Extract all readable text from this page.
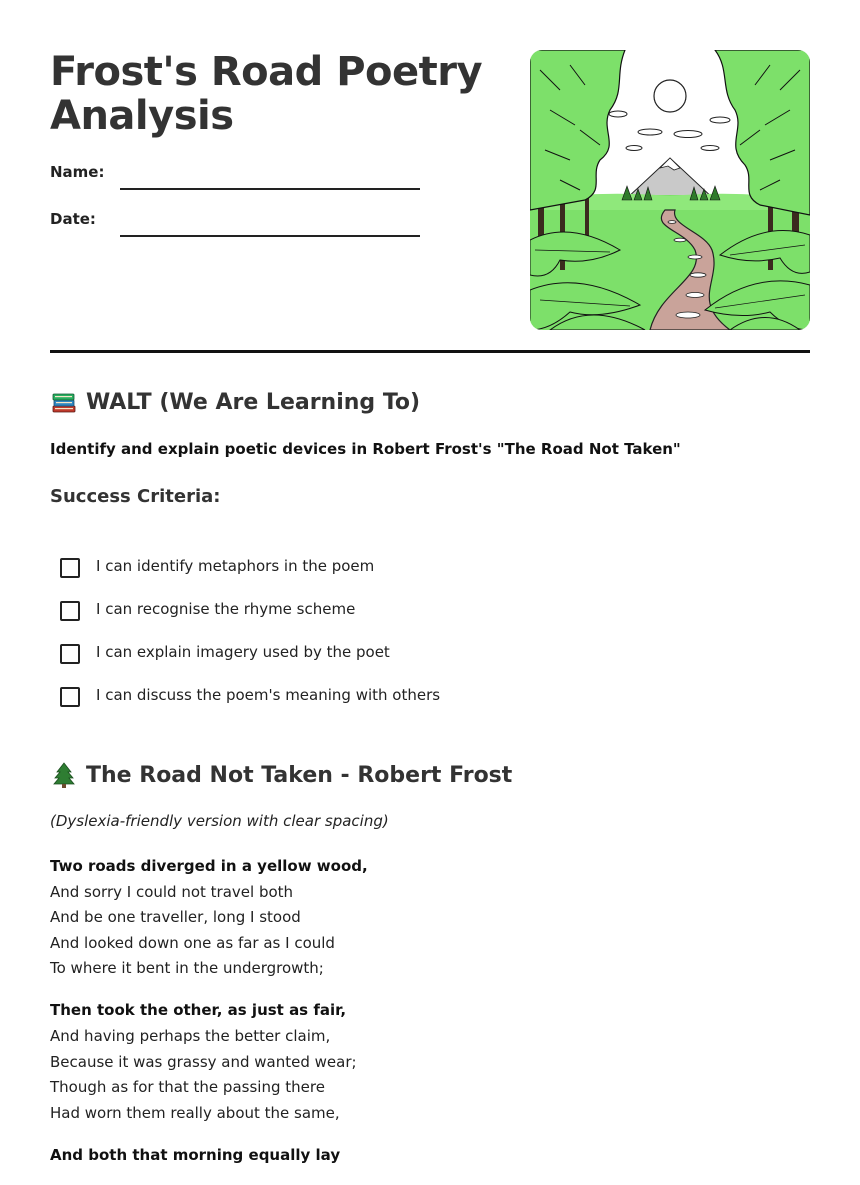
Frost's Road Poetry Analysis
Name:
Date:
WALT (We Are Learning To)
Identify and explain poetic devices in Robert Frost's "The Road Not Taken"
Success Criteria:
I can identify metaphors in the poem
I can recognise the rhyme scheme
I can explain imagery used by the poet
I can discuss the poem's meaning with others
The Road Not Taken - Robert Frost
(Dyslexia-friendly version with clear spacing)
Two roads diverged in a yellow wood,
And sorry I could not travel both
And be one traveller, long I stood
And looked down one as far as I could
To where it bent in the undergrowth;
Then took the other, as just as fair,
And having perhaps the better claim,
Because it was grassy and wanted wear;
Though as for that the passing there
Had worn them really about the same,
And both that morning equally lay
